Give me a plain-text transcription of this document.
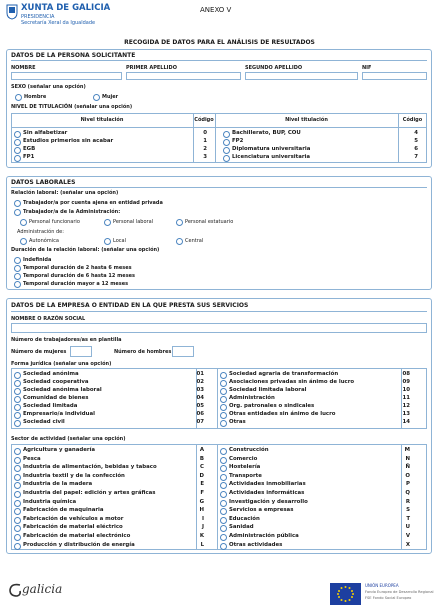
XUNTA DE GALICIA
PRESIDENCIA
Secretaría Xeral da Igualdade
ANEXO V
RECOGIDA DE DATOS PARA EL ANÁLISIS DE RESULTADOS
DATOS DE LA PERSONA SOLICITANTE
NOMBRE	PRIMER APELLIDO	SEGUNDO APELLIDO	NIF
SEXO (señalar una opción)
Hombre	Mujer
NIVEL DE TITULACIÓN (señalar una opción)
Nivel titulación	Código	Nivel titulación	Código
Sin alfabetizar	0
Estudios primerios sin acabar	1
EGB	2
FP1	3
Bachillerato, BUP, COU	4
FP2	5
Diplomatura universitaria	6
Licenciatura universitaria	7
DATOS LABORALES
Relación laboral: (señalar una opción)
Trabajador/a por cuenta ajena en entidad privada
Trabajador/a de la Administración:
Personal funcionario	Personal laboral	Personal estatuario
Administración de:
Autonómica	Local	Central
Duración de la relación laboral: (señalar una opción)
Indefinida
Temporal duración de 2 hasta 6 meses
Temporal duración de 6 hasta 12 meses
Temporal duración mayor a 12 meses
DATOS DE LA EMPRESA O ENTIDAD EN LA QUE PRESTA SUS SERVICIOS
NOMBRE O RAZÓN SOCIAL
Número de trabajadores/as en plantilla
Número de mujeres	Número de hombres
Forma jurídica (señalar una opción)
Sociedad anónima	01
Sociedad cooperativa	02
Sociedad anónima laboral	03
Comunidad de bienes	04
Sociedad limitada	05
Empresario/a individual	06
Sociedad civil	07
Sociedad agraria de transformación	08
Asociaciones privadas sin ánimo de lucro	09
Sociedad limitada laboral	10
Administración	11
Org. patronales o sindicales	12
Otras entidades sin ánimo de lucro	13
Otras	14
Sector de actividad (señalar una opción)
Agricultura y ganadería	A
Pesca	B
Industria de alimentación, bebidas y tabaco	C
Industria textil y de la confección	D
Industria de la madera	E
Industria del papel: edición y artes gráficas	F
Industria química	G
Fabricación de maquinaria	H
Fabricación de vehículos a motor	I
Fabricación de material eléctrico	J
Fabricación de material electrónico	K
Producción y distribución de energía	L
Construcción	M
Comercio	N
Hostelería	Ñ
Transporte	O
Actividades inmobiliarias	P
Actividades informáticas	Q
Investigación y desarrollo	R
Servicios a empresas	S
Educación	T
Sanidad	U
Administración pública	V
Otras actividades	X
galicia	UNIÓN EUROPEA
Fondo Europeo de Desarrollo Regional
FSE Fondo Social Europeo
